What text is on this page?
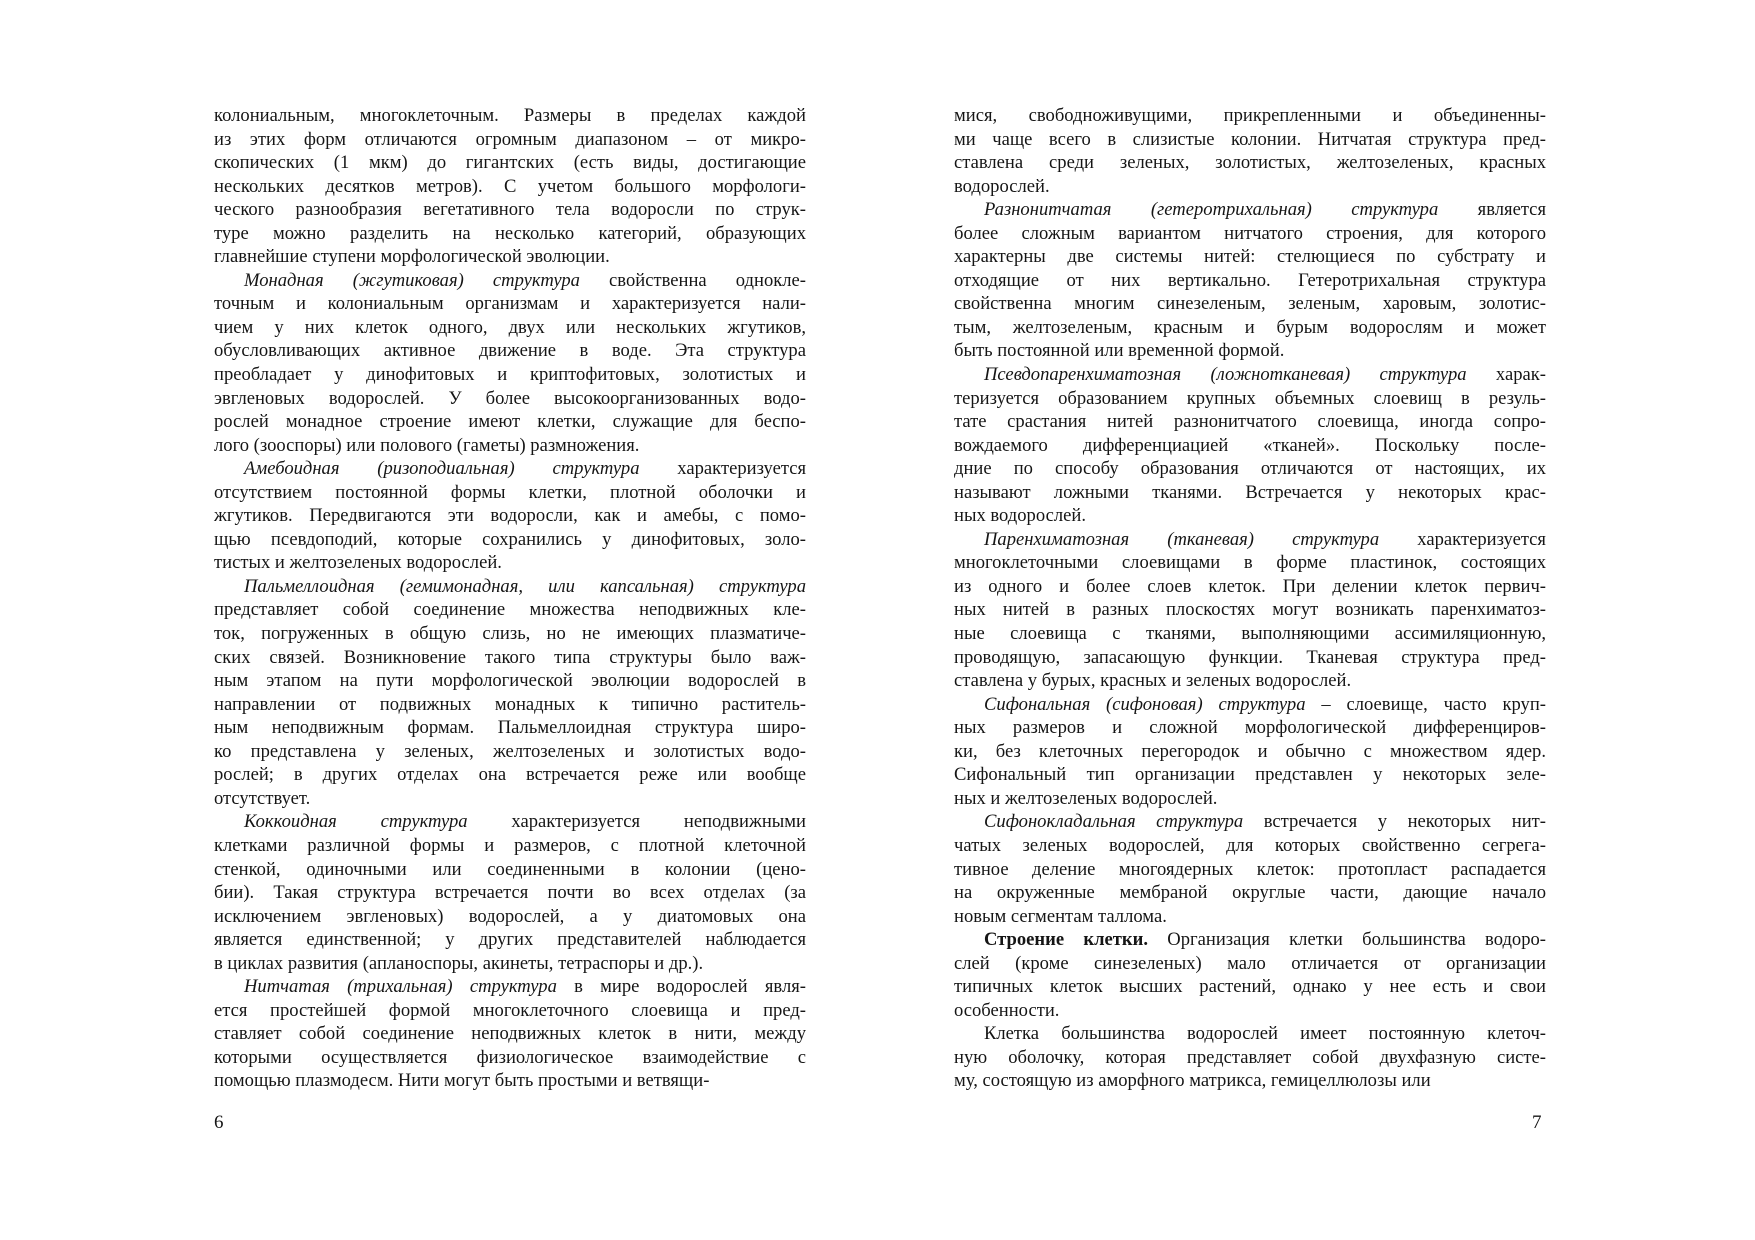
колониальным, многоклеточным. Размеры в пределах каждой
из этих форм отличаются огромным диапазоном – от микро-
скопических (1 мкм) до гигантских (есть виды, достигающие
нескольких десятков метров). С учетом большого морфологи-
ческого разнообразия вегетативного тела водоросли по струк-
туре можно разделить на несколько категорий, образующих
главнейшие ступени морфологической эволюции.
Монадная (жгутиковая) структура свойственна однокле-
точным и колониальным организмам и характеризуется нали-
чием у них клеток одного, двух или нескольких жгутиков,
обусловливающих активное движение в воде. Эта структура
преобладает у динофитовых и криптофитовых, золотистых и
эвгленовых водорослей. У более высокоорганизованных водо-
рослей монадное строение имеют клетки, служащие для беспо-
лого (зооспоры) или полового (гаметы) размножения.
Амебоидная (ризоподиальная) структура характеризуется
отсутствием постоянной формы клетки, плотной оболочки и
жгутиков. Передвигаются эти водоросли, как и амебы, с помо-
щью псевдоподий, которые сохранились у динофитовых, золо-
тистых и желтозеленых водорослей.
Пальмеллоидная (гемимонадная, или капсальная) структура
представляет собой соединение множества неподвижных кле-
ток, погруженных в общую слизь, но не имеющих плазматиче-
ских связей. Возникновение такого типа структуры было важ-
ным этапом на пути морфологической эволюции водорослей в
направлении от подвижных монадных к типично раститель-
ным неподвижным формам. Пальмеллоидная структура широ-
ко представлена у зеленых, желтозеленых и золотистых водо-
рослей; в других отделах она встречается реже или вообще
отсутствует.
Коккоидная структура характеризуется неподвижными
клетками различной формы и размеров, с плотной клеточной
стенкой, одиночными или соединенными в колонии (цено-
бии). Такая структура встречается почти во всех отделах (за
исключением эвгленовых) водорослей, а у диатомовых она
является единственной; у других представителей наблюдается
в циклах развития (апланоспоры, акинеты, тетраспоры и др.).
Нитчатая (трихальная) структура в мире водорослей явля-
ется простейшей формой многоклеточного слоевища и пред-
ставляет собой соединение неподвижных клеток в нити, между
которыми осуществляется физиологическое взаимодействие с
помощью плазмодесм. Нити могут быть простыми и ветвящи-
мися, свободноживущими, прикрепленными и объединенны-
ми чаще всего в слизистые колонии. Нитчатая структура пред-
ставлена среди зеленых, золотистых, желтозеленых, красных
водорослей.
Разнонитчатая (гетеротрихальная) структура является
более сложным вариантом нитчатого строения, для которого
характерны две системы нитей: стелющиеся по субстрату и
отходящие от них вертикально. Гетеротрихальная структура
свойственна многим синезеленым, зеленым, харовым, золотис-
тым, желтозеленым, красным и бурым водорослям и может
быть постоянной или временной формой.
Псевдопаренхиматозная (ложнотканевая) структура харак-
теризуется образованием крупных объемных слоевищ в резуль-
тате срастания нитей разнонитчатого слоевища, иногда сопро-
вождаемого дифференциацией «тканей». Поскольку после-
дние по способу образования отличаются от настоящих, их
называют ложными тканями. Встречается у некоторых крас-
ных водорослей.
Паренхиматозная (тканевая) структура характеризуется
многоклеточными слоевищами в форме пластинок, состоящих
из одного и более слоев клеток. При делении клеток первич-
ных нитей в разных плоскостях могут возникать паренхиматоз-
ные слоевища с тканями, выполняющими ассимиляционную,
проводящую, запасающую функции. Тканевая структура пред-
ставлена у бурых, красных и зеленых водорослей.
Сифональная (сифоновая) структура – слоевище, часто круп-
ных размеров и сложной морфологической дифференциров-
ки, без клеточных перегородок и обычно с множеством ядер.
Сифональный тип организации представлен у некоторых зеле-
ных и желтозеленых водорослей.
Сифонокладальная структура встречается у некоторых нит-
чатых зеленых водорослей, для которых свойственно сегрега-
тивное деление многоядерных клеток: протопласт распадается
на окруженные мембраной округлые части, дающие начало
новым сегментам таллома.
Строение клетки. Организация клетки большинства водоро-
слей (кроме синезеленых) мало отличается от организации
типичных клеток высших растений, однако у нее есть и свои
особенности.
Клетка большинства водорослей имеет постоянную клеточ-
ную оболочку, которая представляет собой двухфазную систе-
му, состоящую из аморфного матрикса, гемицеллюлозы или
6	7
